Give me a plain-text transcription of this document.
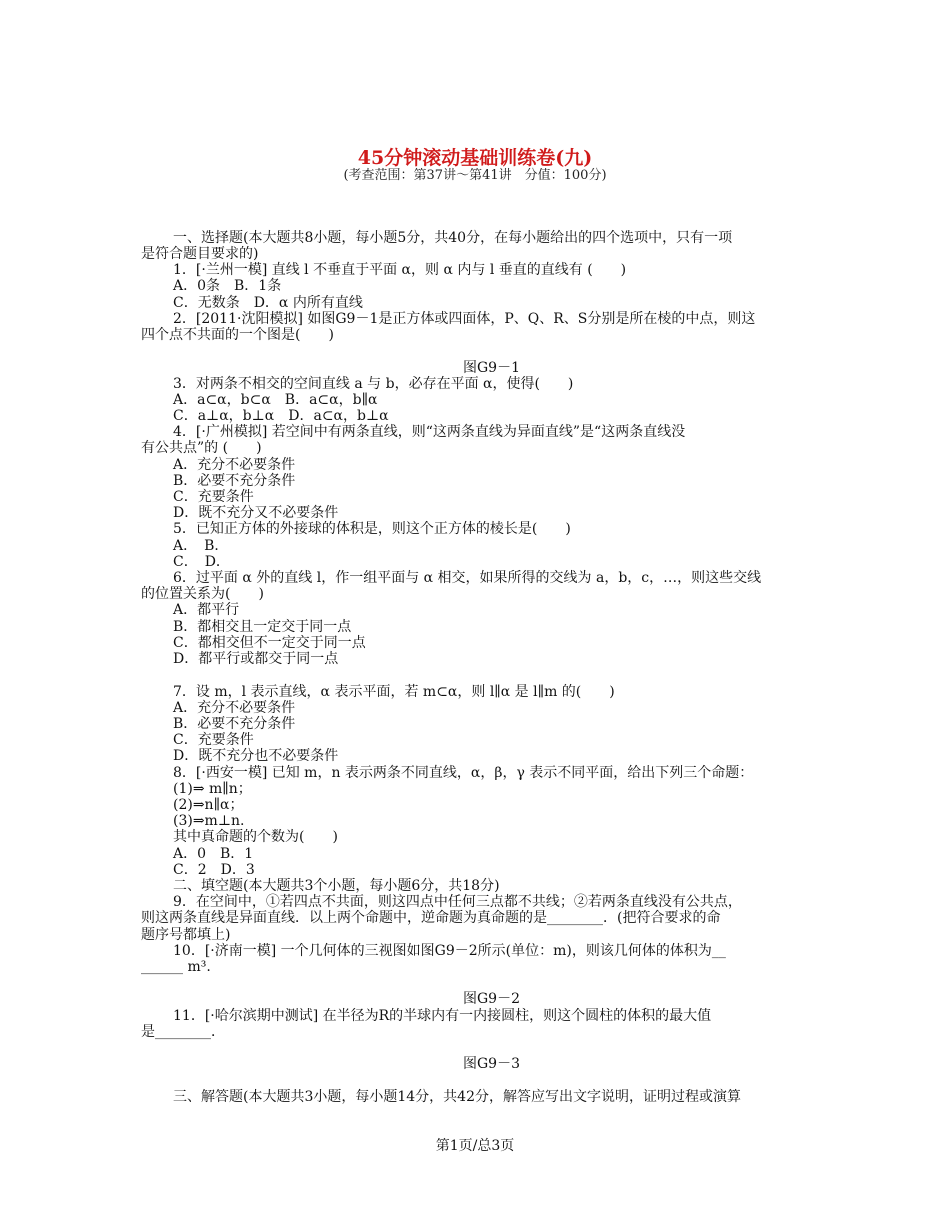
45分钟滚动基础训练卷(九)
(考查范围：第37讲～第41讲　分值：100分)
一、选择题(本大题共8小题，每小题5分，共40分，在每小题给出的四个选项中，只有一项
是符合题目要求的)
1．[·兰州一模] 直线 l 不垂直于平面 α，则 α 内与 l 垂直的直线有 (　　)
A．0条　B．1条
C．无数条　D．α 内所有直线
2．[2011·沈阳模拟] 如图G9－1是正方体或四面体，P、Q、R、S分别是所在棱的中点，则这
四个点不共面的一个图是(　　)
图G9－1
3．对两条不相交的空间直线 a 与 b，必存在平面 α，使得(　　)
A．a⊂α，b⊂α　B．a⊂α，b∥α
C．a⊥α，b⊥α　D．a⊂α，b⊥α
4．[·广州模拟] 若空间中有两条直线，则“这两条直线为异面直线”是“这两条直线没
有公共点”的 (　　)
A．充分不必要条件
B．必要不充分条件
C．充要条件
D．既不充分又不必要条件
5．已知正方体的外接球的体积是，则这个正方体的棱长是(　　)
A．　B．
C．　D．
6．过平面 α 外的直线 l，作一组平面与 α 相交，如果所得的交线为 a，b，c，…，则这些交线
的位置关系为(　　)
A．都平行
B．都相交且一定交于同一点
C．都相交但不一定交于同一点
D．都平行或都交于同一点
7．设 m，l 表示直线，α 表示平面，若 m⊂α，则 l∥α 是 l∥m 的(　　)
A．充分不必要条件
B．必要不充分条件
C．充要条件
D．既不充分也不必要条件
8．[·西安一模] 已知 m，n 表示两条不同直线，α，β，γ 表示不同平面，给出下列三个命题：
(1)⇒ m∥n；
(2)⇒n∥α；
(3)⇒m⊥n.
其中真命题的个数为(　　)
A．0　B．1
C．2　D．3
二、填空题(本大题共3个小题，每小题6分，共18分)
9．在空间中，①若四点不共面，则这四点中任何三点都不共线；②若两条直线没有公共点，
则这两条直线是异面直线．以上两个命题中，逆命题为真命题的是________．(把符合要求的命
题序号都填上)
10．[·济南一模] 一个几何体的三视图如图G9－2所示(单位：m)，则该几何体的体积为__
______ m³.
图G9－2
11．[·哈尔滨期中测试] 在半径为R的半球内有一内接圆柱，则这个圆柱的体积的最大值
是________．
图G9－3
三、解答题(本大题共3小题，每小题14分，共42分，解答应写出文字说明，证明过程或演算
第1页/总3页
